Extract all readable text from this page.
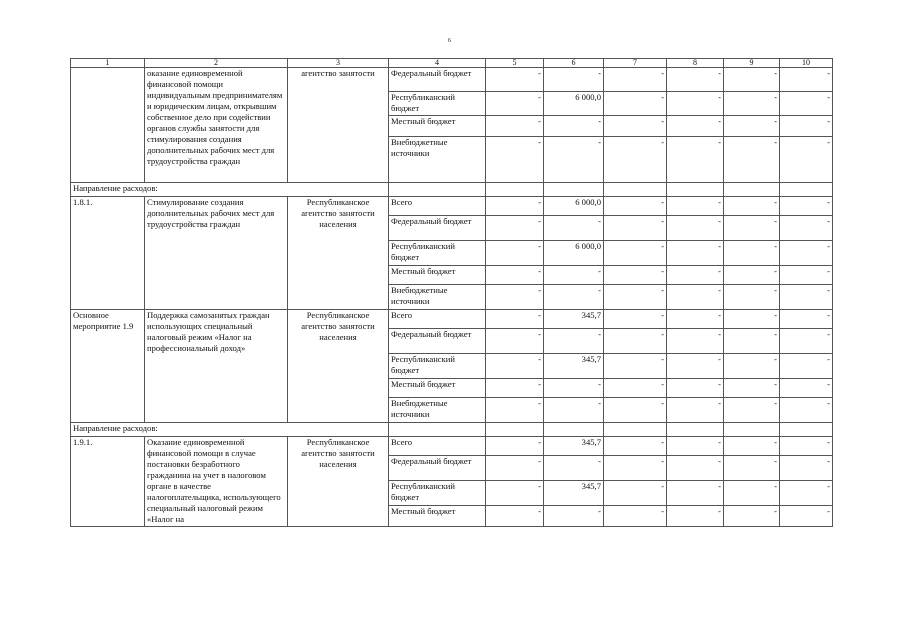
6
1	2	3	4	5	6	7	8	9	10
	оказание единовременной финансовой помощи индивидуальным предпринимателям и юридическим лицам, открывшим собственное дело при содействии органов службы занятости для стимулирования создания дополнительных рабочих мест для трудоустройства граждан	агентство занятости	Федеральный бюджет	-	-	-	-	-	-
			Республиканский бюджет	-	6 000,0	-	-	-	-
			Местный бюджет	-	-	-	-	-	-
			Внебюджетные источники	-	-	-	-	-	-
Направление расходов:									
1.8.1.	Стимулирование создания дополнительных рабочих мест для трудоустройства граждан	Республиканское агентство занятости населения	Всего	-	6 000,0	-	-	-	-
			Федеральный бюджет	-	-	-	-	-	-
			Республиканский бюджет	-	6 000,0	-	-	-	-
			Местный бюджет	-	-	-	-	-	-
			Внебюджетные источники	-	-	-	-	-	-
Основное мероприятие 1.9	Поддержка самозанятых граждан использующих специальный налоговый режим «Налог на профессиональный доход»	Республиканское агентство занятости населения	Всего	-	345,7	-	-	-	-
			Федеральный бюджет	-	-	-	-	-	-
			Республиканский бюджет	-	345,7	-	-	-	-
			Местный бюджет	-	-	-	-	-	-
			Внебюджетные источники	-	-	-	-	-	-
Направление расходов:									
1.9.1.	Оказание единовременной финансовой помощи в случае постановки безработного гражданина на учет в налоговом органе в качестве налогоплательщика, использующего специальный налоговый режим «Налог на	Республиканское агентство занятости населения	Всего	-	345,7	-	-	-	-
			Федеральный бюджет	-	-	-	-	-	-
			Республиканский бюджет	-	345,7	-	-	-	-
			Местный бюджет	-	-	-	-	-	-
